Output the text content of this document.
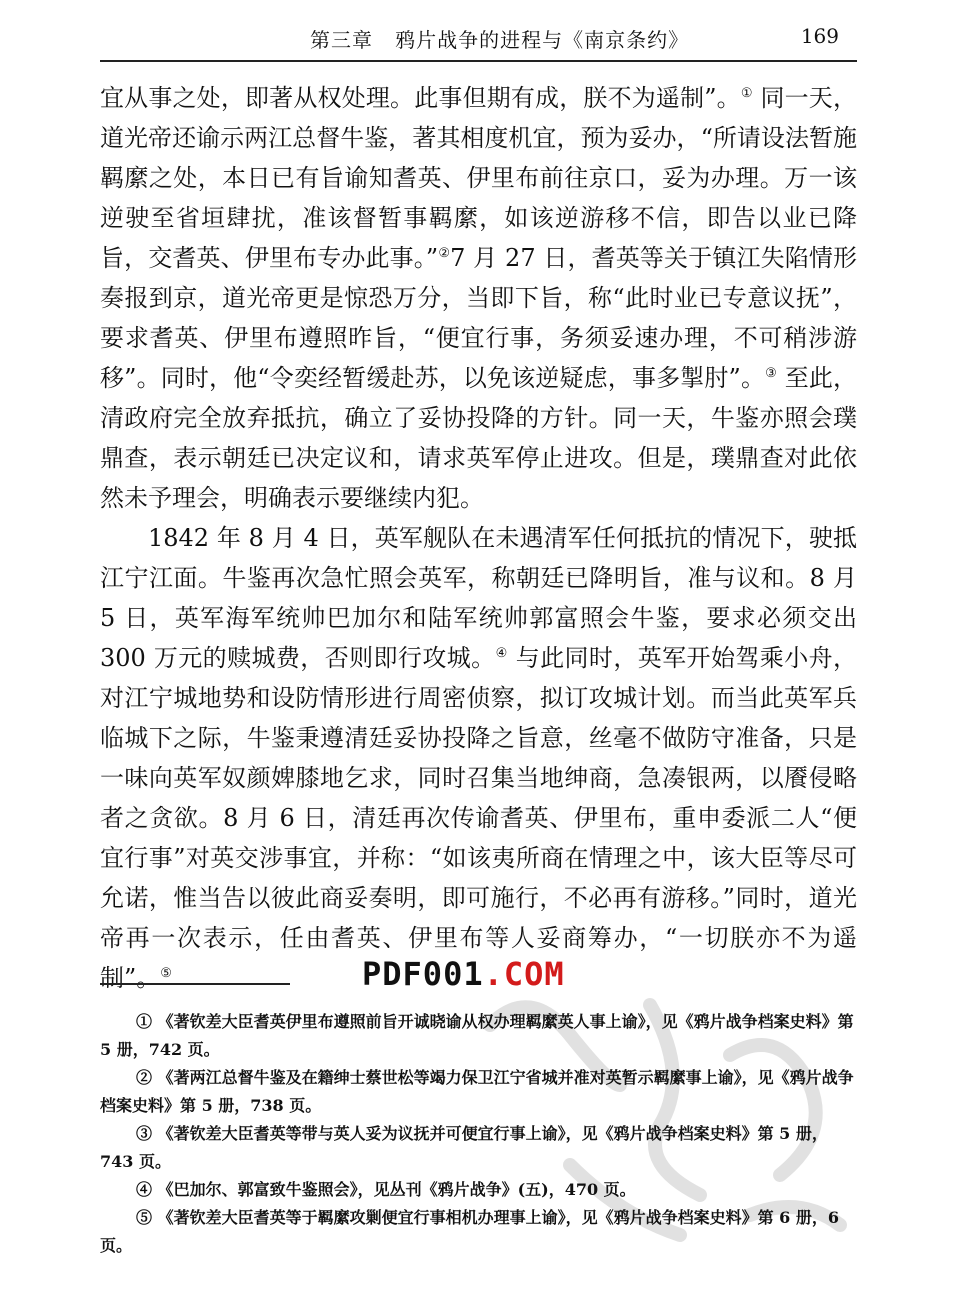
第三章 鸦片战争的进程与《南京条约》	169

宜从事之处，即著从权处理。此事但期有成，朕不为遥制”。① 同一天，道光帝还谕示两江总督牛鉴，著其相度机宜，预为妥办，“所请设法暂施羁縻之处，本日已有旨谕知耆英、伊里布前往京口，妥为办理。万一该逆驶至省垣肆扰，准该督暂事羁縻，如该逆游移不信，即告以业已降旨，交耆英、伊里布专办此事。”②7 月 27 日，耆英等关于镇江失陷情形奏报到京，道光帝更是惊恐万分，当即下旨，称“此时业已专意议抚”，要求耆英、伊里布遵照昨旨，“便宜行事，务须妥速办理，不可稍涉游移”。同时，他“令奕经暂缓赴苏，以免该逆疑虑，事多掣肘”。③ 至此，清政府完全放弃抵抗，确立了妥协投降的方针。同一天，牛鉴亦照会璞鼎查，表示朝廷已决定议和，请求英军停止进攻。但是，璞鼎查对此依然未予理会，明确表示要继续内犯。

1842 年 8 月 4 日，英军舰队在未遇清军任何抵抗的情况下，驶抵江宁江面。牛鉴再次急忙照会英军，称朝廷已降明旨，准与议和。8 月 5 日，英军海军统帅巴加尔和陆军统帅郭富照会牛鉴，要求必须交出 300 万元的赎城费，否则即行攻城。④ 与此同时，英军开始驾乘小舟，对江宁城地势和设防情形进行周密侦察，拟订攻城计划。而当此英军兵临城下之际，牛鉴秉遵清廷妥协投降之旨意，丝毫不做防守准备，只是一味向英军奴颜婢膝地乞求，同时召集当地绅商，急凑银两，以餍侵略者之贪欲。8 月 6 日，清廷再次传谕耆英、伊里布，重申委派二人“便宜行事”对英交涉事宜，并称：“如该夷所商在情理之中，该大臣等尽可允诺，惟当告以彼此商妥奏明，即可施行，不必再有游移。”同时，道光帝再一次表示，任由耆英、伊里布等人妥商筹办，“一切朕亦不为遥制”。⑤	PDF001.COM

① 《著钦差大臣耆英伊里布遵照前旨开诚晓谕从权办理羁縻英人事上谕》，见《鸦片战争档案史料》第 5 册，742 页。

② 《著两江总督牛鉴及在籍绅士蔡世松等竭力保卫江宁省城并准对英暂示羁縻事上谕》，见《鸦片战争档案史料》第 5 册，738 页。

③ 《著钦差大臣耆英等带与英人妥为议抚并可便宜行事上谕》，见《鸦片战争档案史料》第 5 册，743 页。

④ 《巴加尔、郭富致牛鉴照会》，见丛刊《鸦片战争》(五)，470 页。

⑤ 《著钦差大臣耆英等于羁縻攻剿便宜行事相机办理事上谕》，见《鸦片战争档案史料》第 6 册，6 页。
